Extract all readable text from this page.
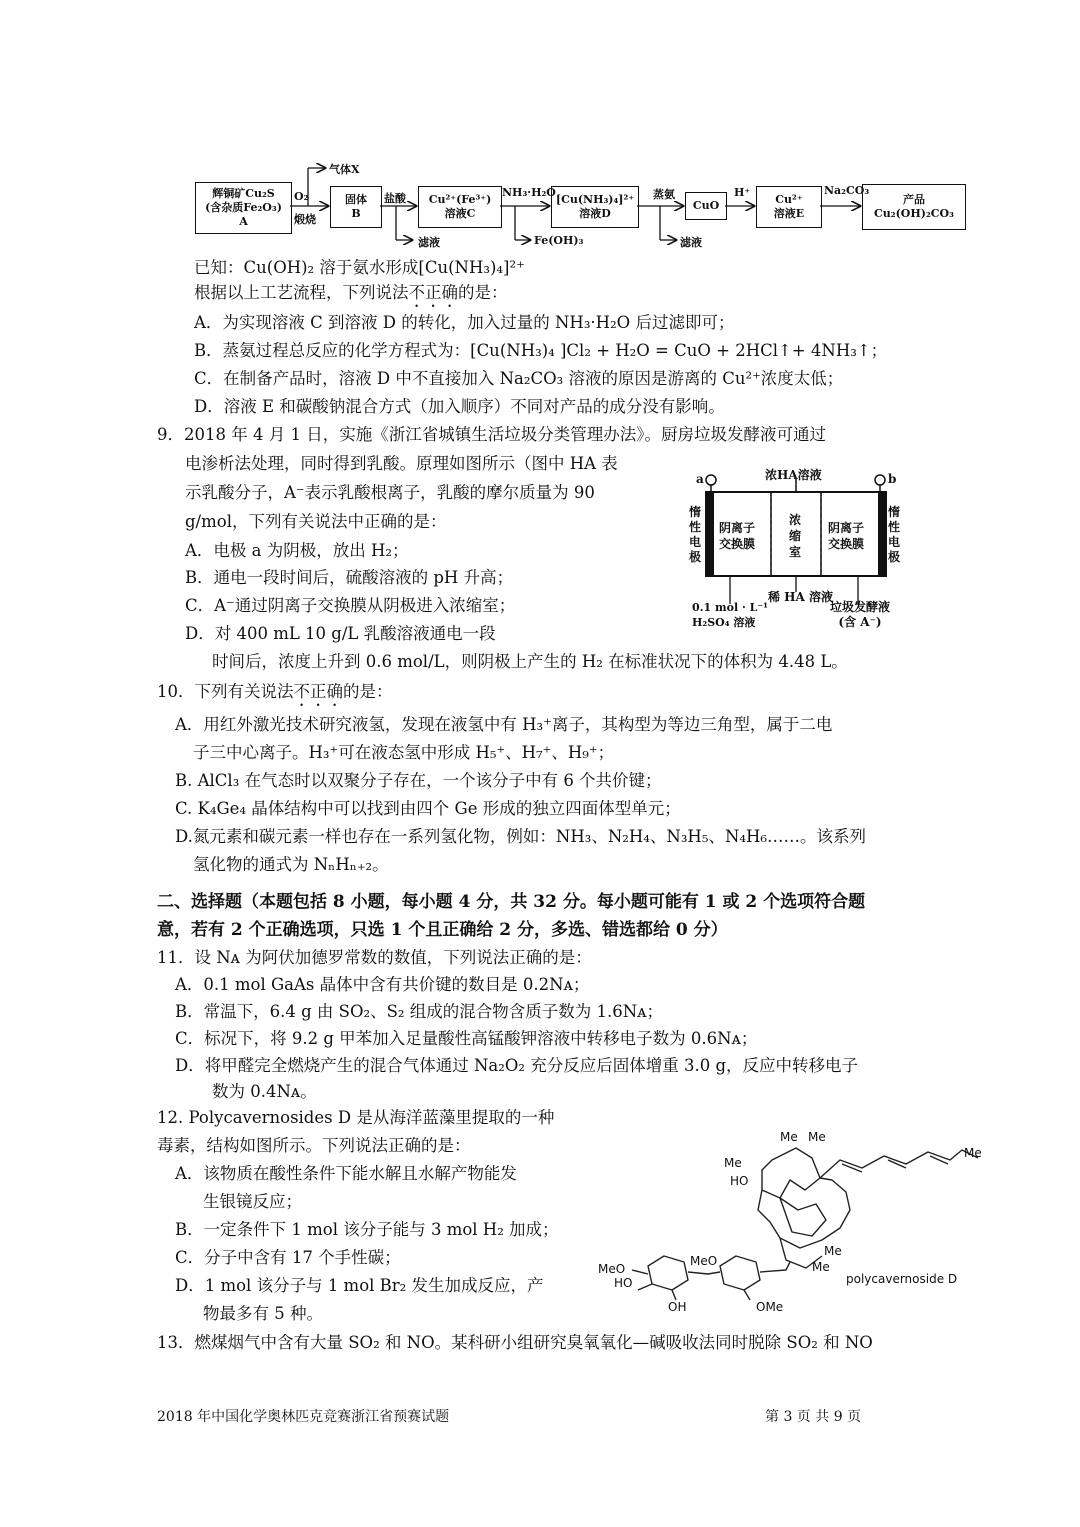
辉铜矿Cu₂S
(含杂质Fe₂O₃)
A
固体
B
Cu²⁺(Fe³⁺)
溶液C
[Cu(NH₃)₄]²⁺
溶液D
CuO	Cu²⁺
溶液E
产品
Cu₂(OH)₂CO₃
气体X
O₂
煅烧
盐酸
滤液
NH₃·H₂O
Fe(OH)₃
蒸氨
滤液
H⁺	Na₂CO₃
已知：Cu(OH)₂ 溶于氨水形成[Cu(NH₃)₄]²⁺
根据以上工艺流程，下列说法不正确的是：
A．为实现溶液 C 到溶液 D 的转化，加入过量的 NH₃·H₂O 后过滤即可；
B．蒸氨过程总反应的化学方程式为：[Cu(NH₃)₄ ]Cl₂ + H₂O = CuO + 2HCl↑+ 4NH₃↑；
C．在制备产品时，溶液 D 中不直接加入 Na₂CO₃ 溶液的原因是游离的 Cu²⁺浓度太低；
D．溶液 E 和碳酸钠混合方式（加入顺序）不同对产品的成分没有影响。
9．2018 年 4 月 1 日，实施《浙江省城镇生活垃圾分类管理办法》。厨房垃圾发酵液可通过
电渗析法处理，同时得到乳酸。原理如图所示（图中 HA 表
示乳酸分子，A⁻表示乳酸根离子，乳酸的摩尔质量为 90
g/mol，下列有关说法中正确的是：
A．电极 a 为阴极，放出 H₂；
B．通电一段时间后，硫酸溶液的 pH 升高；
C．A⁻通过阴离子交换膜从阴极进入浓缩室；
D．对 400 mL 10 g/L 乳酸溶液通电一段
时间后，浓度上升到 0.6 mol/L，则阴极上产生的 H₂ 在标准状况下的体积为 4.48 L。
a	b
浓HA溶液
惰性电极
惰性电极
阴离子
交换膜
浓
缩
室
阴离子
交换膜
稀 HA 溶液
0.1 mol · L⁻¹
H₂SO₄ 溶液
垃圾发酵液
(含 A⁻)
10．下列有关说法不正确的是：
A．用红外激光技术研究液氢，发现在液氢中有 H₃⁺离子，其构型为等边三角型，属于二电
子三中心离子。H₃⁺可在液态氢中形成 H₅⁺、H₇⁺、H₉⁺；
B. AlCl₃ 在气态时以双聚分子存在，一个该分子中有 6 个共价键；
C. K₄Ge₄ 晶体结构中可以找到由四个 Ge 形成的独立四面体型单元；
D.氮元素和碳元素一样也存在一系列氢化物，例如：NH₃、N₂H₄、N₃H₅、N₄H₆……。该系列
氢化物的通式为 NₙHₙ₊₂。
二、选择题（本题包括 8 小题，每小题 4 分，共 32 分。每小题可能有 1 或 2 个选项符合题
意，若有 2 个正确选项，只选 1 个且正确给 2 分，多选、错选都给 0 分）
11．设 Nᴀ 为阿伏加德罗常数的数值，下列说法正确的是：
A．0.1 mol GaAs 晶体中含有共价键的数目是 0.2Nᴀ；
B．常温下，6.4 g 由 SO₂、S₂ 组成的混合物含质子数为 1.6Nᴀ；
C．标况下，将 9.2 g 甲苯加入足量酸性高锰酸钾溶液中转移电子数为 0.6Nᴀ；
D．将甲醛完全燃烧产生的混合气体通过 Na₂O₂ 充分反应后固体增重 3.0 g，反应中转移电子
数为 0.4Nᴀ。
12. Polycavernosides D 是从海洋蓝藻里提取的一种
毒素，结构如图所示。下列说法正确的是：
A．该物质在酸性条件下能水解且水解产物能发
生银镜反应；
B．一定条件下 1 mol 该分子能与 3 mol H₂ 加成；
C．分子中含有 17 个手性碳；
D．1 mol 该分子与 1 mol Br₂ 发生加成反应，产
物最多有 5 种。
Me Me
Me
HO
Me
Me
Me
MeO
HO
MeO
OH	OMe
polycavernoside D
13．燃煤烟气中含有大量 SO₂ 和 NO。某科研小组研究臭氧氧化—碱吸收法同时脱除 SO₂ 和 NO
2018 年中国化学奥林匹克竞赛浙江省预赛试题	第 3 页 共 9 页
